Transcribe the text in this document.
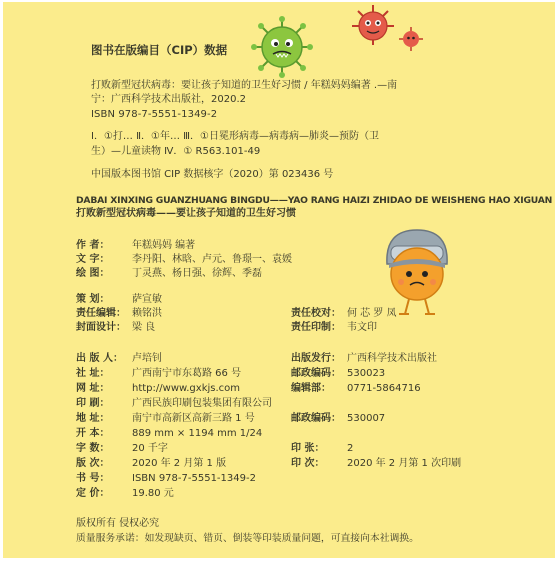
图书在版编目（CIP）数据
打败新型冠状病毒：要让孩子知道的卫生好习惯 / 年糕妈妈编著 .—南
宁：广西科学技术出版社，2020.2
ISBN 978-7-5551-1349-2
Ⅰ．①打… Ⅱ．①年… Ⅲ．①日冕形病毒—病毒病—肺炎—预防（卫
生）—儿童读物 Ⅳ．① R563.101-49
中国版本图书馆 CIP 数据核字（2020）第 023436 号
DABAI XINXING GUANZHUANG BINGDU——YAO RANG HAIZI ZHIDAO DE WEISHENG HAO XIGUAN
打败新型冠状病毒——要让孩子知道的卫生好习惯
作 者： 年糕妈妈 编著
文 字： 李丹阳、林晗、卢元、鲁璟一、袁媛
绘 图： 丁灵燕、杨日强、徐辉、季磊
策 划： 萨宣敏
责任编辑： 赖铭洪	责任校对： 何 芯 罗 凤
封面设计： 梁 良	责任印制： 韦文印
出 版 人： 卢培钊
社 址： 广西南宁市东葛路 66 号
网 址： http://www.gxkjs.com
印 刷： 广西民族印刷包装集团有限公司
地 址： 南宁市高新区高新三路 1 号
开 本： 889 mm × 1194 mm 1/24
字 数： 20 千字
版 次： 2020 年 2 月第 1 版
书 号： ISBN 978-7-5551-1349-2
定 价： 19.80 元
出版发行： 广西科学技术出版社
邮政编码： 530023
编辑部： 0771-5864716
邮政编码： 530007
印 张： 2
印 次： 2020 年 2 月第 1 次印刷
版权所有 侵权必究
质量服务承诺：如发现缺页、错页、倒装等印装质量问题，可直接向本社调换。
